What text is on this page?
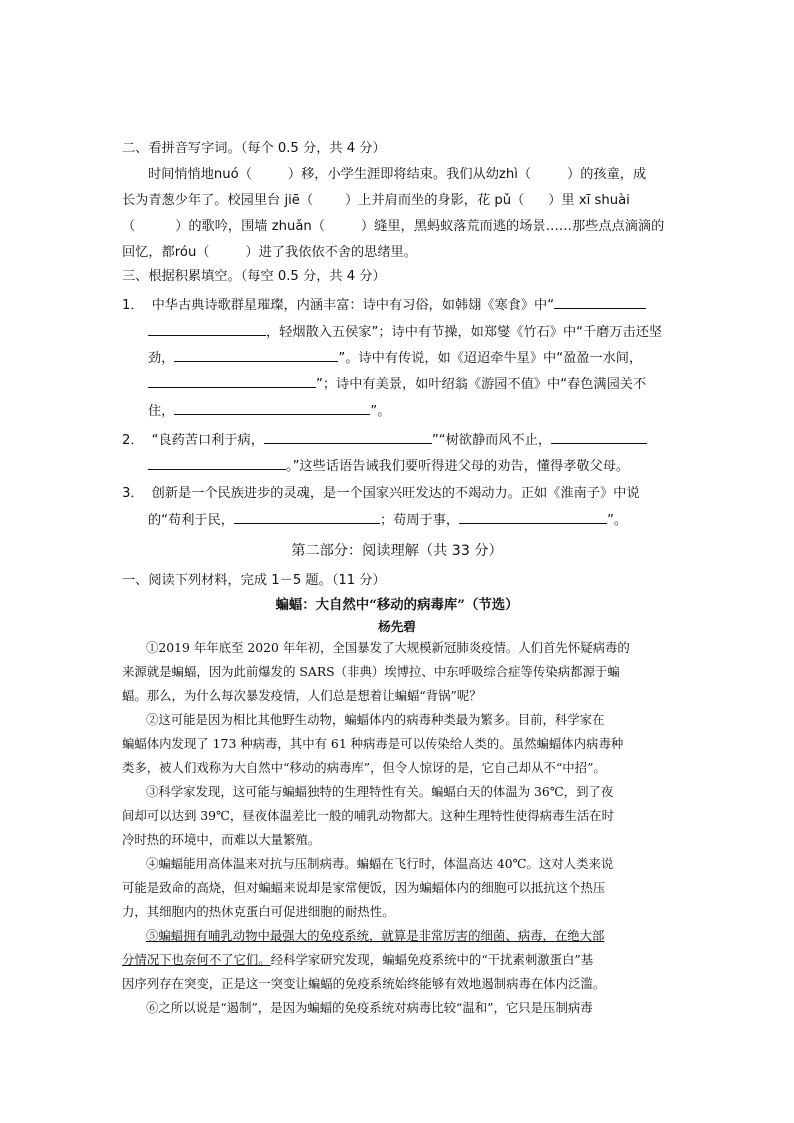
二、看拼音写字词。（每个 0.5 分，共 4 分）
时间悄悄地nuó（	）移，小学生涯即将结束。我们从幼zhì（	）的孩童，成
长为青葱少年了。校园里台 jiē（ ）上并肩而坐的身影，花 pǔ（ ）里 xī shuài
（	）的歌吟，围墙 zhuǎn（	）缝里，黑蚂蚁落荒而逃的场景……那些点点滴滴的
回忆，都róu（	）进了我依依不舍的思绪里。
三、根据积累填空。（每空 0.5 分，共 4 分）
1． 中华古典诗歌群星璀璨，内涵丰富：诗中有习俗，如韩翃《寒食》中“
，轻烟散入五侯家”；诗中有节操，如郑燮《竹石》中“千磨万击还坚
劲，	”。诗中有传说，如《迢迢牵牛星》中“盈盈一水间，
”；诗中有美景，如叶绍翁《游园不值》中“春色满园关不
住，	”。
2． “良药苦口利于病，	”“树欲静而风不止，
。”这些话语告诫我们要听得进父母的劝告，懂得孝敬父母。
3． 创新是一个民族进步的灵魂，是一个国家兴旺发达的不竭动力。正如《淮南子》中说
的“苟利于民，	；苟周于事，	”。
第二部分：阅读理解（共 33 分）
一、阅读下列材料，完成 1－5 题。（11 分）
蝙蝠：大自然中“移动的病毒库”（节选）
杨先碧
①2019 年年底至 2020 年年初，全国暴发了大规模新冠肺炎疫情。人们首先怀疑病毒的
来源就是蝙蝠，因为此前爆发的 SARS（非典）埃博拉、中东呼吸综合症等传染病都源于蝙
蝠。那么，为什么每次暴发疫情，人们总是想着让蝙蝠“背锅”呢？
②这可能是因为相比其他野生动物，蝙蝠体内的病毒种类最为繁多。目前，科学家在
蝙蝠体内发现了 173 种病毒，其中有 61 种病毒是可以传染给人类的。虽然蝙蝠体内病毒种
类多，被人们戏称为大自然中“移动的病毒库”，但令人惊讶的是，它自己却从不“中招”。
③科学家发现，这可能与蝙蝠独特的生理特性有关。蝙蝠白天的体温为 36℃，到了夜
间却可以达到 39℃，昼夜体温差比一般的哺乳动物都大。这种生理特性使得病毒生活在时
冷时热的环境中，而难以大量繁殖。
④蝙蝠能用高体温来对抗与压制病毒。蝙蝠在飞行时，体温高达 40℃。这对人类来说
可能是致命的高烧，但对蝙蝠来说却是家常便饭，因为蝙蝠体内的细胞可以抵抗这个热压
力，其细胞内的热休克蛋白可促进细胞的耐热性。
⑤蝙蝠拥有哺乳动物中最强大的免疫系统，就算是非常厉害的细菌、病毒，在绝大部
分情况下也奈何不了它们。经科学家研究发现，蝙蝠免疫系统中的“干扰素刺激蛋白”基
因序列存在突变，正是这一突变让蝙蝠的免疫系统始终能够有效地遏制病毒在体内泛滥。
⑥之所以说是“遏制”，是因为蝙蝠的免疫系统对病毒比较“温和”，它只是压制病毒
